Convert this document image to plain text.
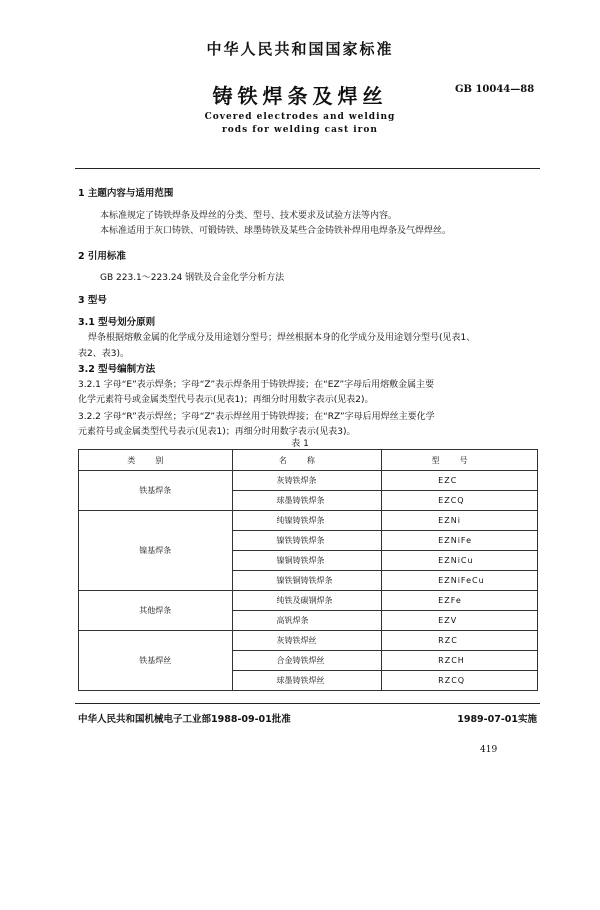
中华人民共和国国家标准
铸铁焊条及焊丝	GB 10044—88
Covered electrodes and welding
rods for welding cast iron
1 主题内容与适用范围
本标准规定了铸铁焊条及焊丝的分类、型号、技术要求及试验方法等内容。
本标准适用于灰口铸铁、可锻铸铁、球墨铸铁及某些合金铸铁补焊用电焊条及气焊焊丝。
2 引用标准
GB 223.1～223.24 钢铁及合金化学分析方法
3 型号
3.1 型号划分原则
焊条根据熔敷金属的化学成分及用途划分型号；焊丝根据本身的化学成分及用途划分型号(见表1、
表2、表3)。
3.2 型号编制方法
3.2.1 字母“E”表示焊条；字母“Z”表示焊条用于铸铁焊接；在“EZ”字母后用熔敷金属主要
化学元素符号或金属类型代号表示(见表1)；再细分时用数字表示(见表2)。
3.2.2 字母“R”表示焊丝；字母“Z”表示焊丝用于铸铁焊接；在“RZ”字母后用焊丝主要化学
元素符号或金属类型代号表示(见表1)；再细分时用数字表示(见表3)。
表 1
类别	名称	型号
铁基焊条	灰铸铁焊条	EZC
	球墨铸铁焊条	EZCQ
镍基焊条	纯镍铸铁焊条	EZNi
	镍铁铸铁焊条	EZNiFe
	镍铜铸铁焊条	EZNiCu
	镍铁铜铸铁焊条	EZNiFeCu
其他焊条	纯铁及碳钢焊条	EZFe
	高钒焊条	EZV
铁基焊丝	灰铸铁焊丝	RZC
	合金铸铁焊丝	RZCH
	球墨铸铁焊丝	RZCQ
中华人民共和国机械电子工业部1988-09-01批准	1989-07-01实施
419
